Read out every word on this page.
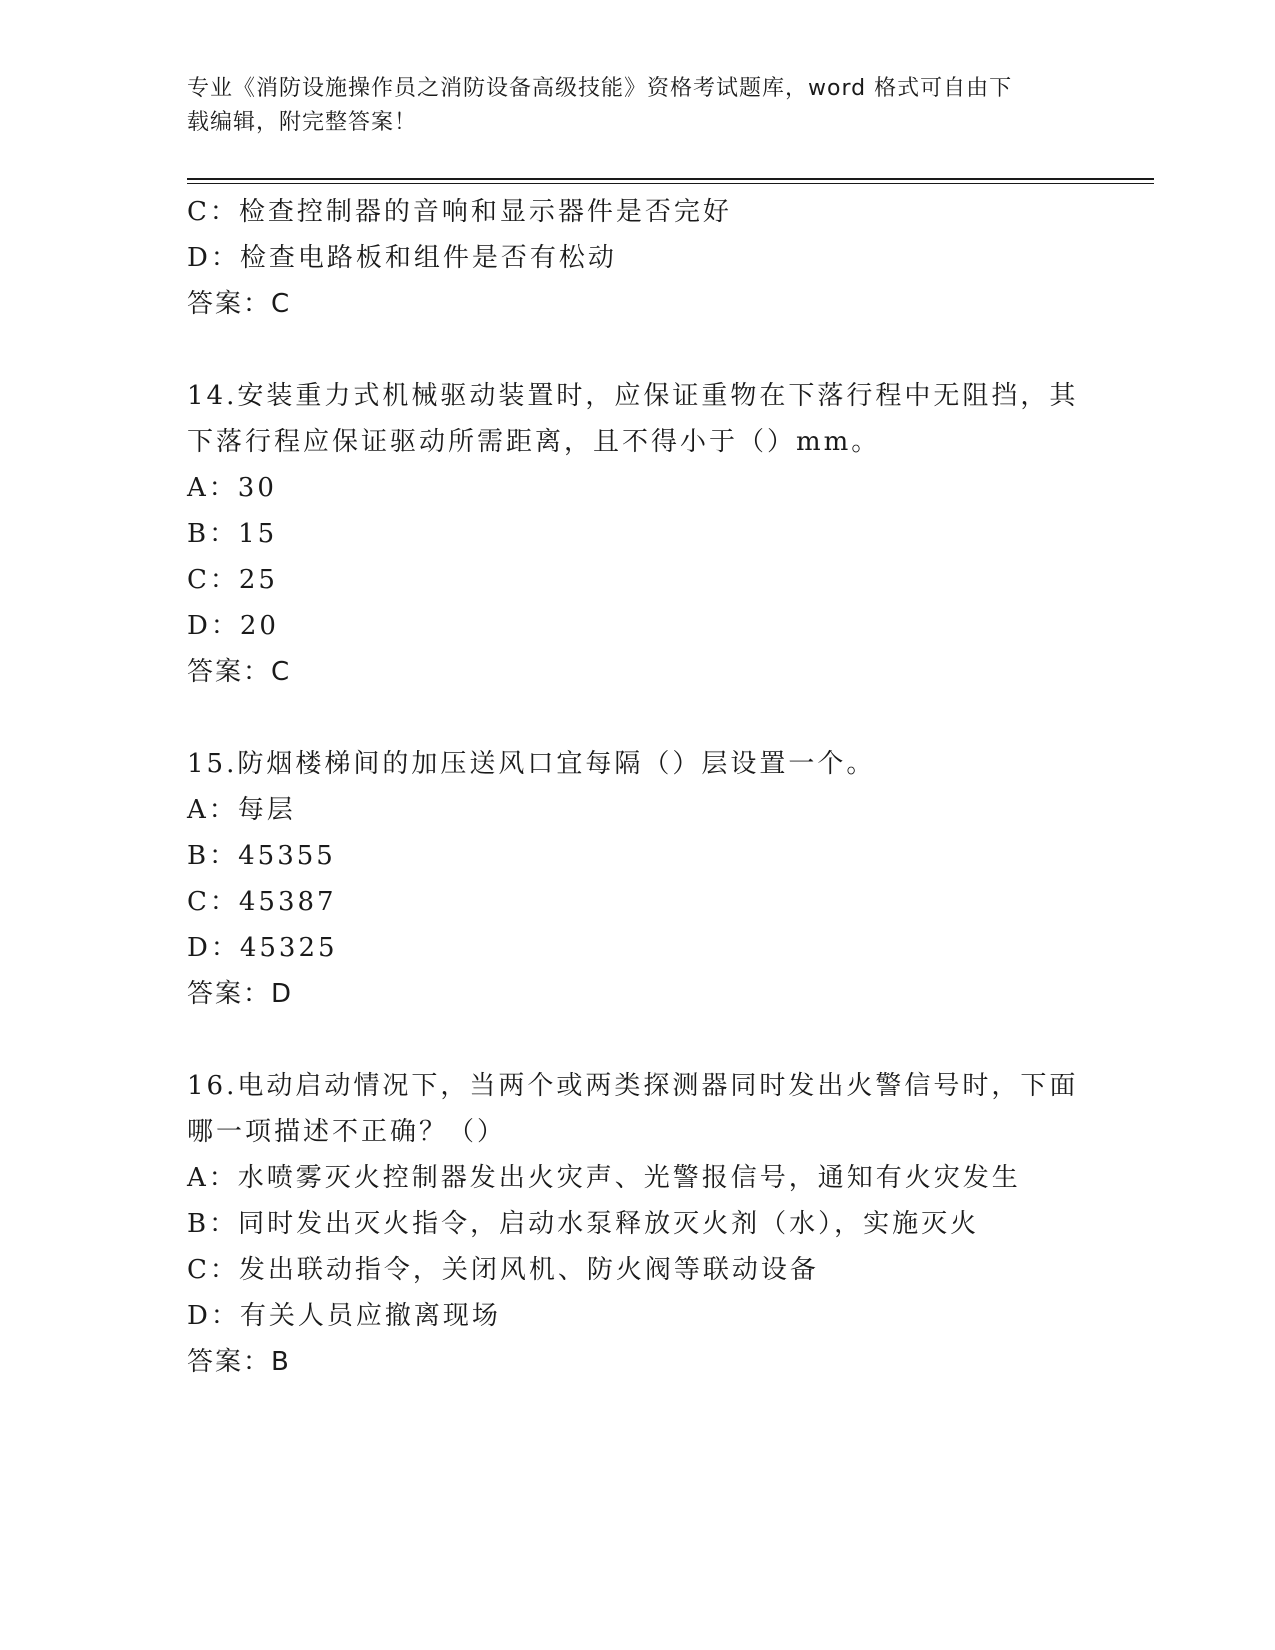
专业《消防设施操作员之消防设备高级技能》资格考试题库，word 格式可自由下
载编辑，附完整答案！
C：检查控制器的音响和显示器件是否完好
D：检查电路板和组件是否有松动
答案：C
14.安装重力式机械驱动装置时，应保证重物在下落行程中无阻挡，其
下落行程应保证驱动所需距离，且不得小于（）mm。
A：30
B：15
C：25
D：20
答案：C
15.防烟楼梯间的加压送风口宜每隔（）层设置一个。
A：每层
B：45355
C：45387
D：45325
答案：D
16.电动启动情况下，当两个或两类探测器同时发出火警信号时，下面
哪一项描述不正确？（）
A：水喷雾灭火控制器发出火灾声、光警报信号，通知有火灾发生
B：同时发出灭火指令，启动水泵释放灭火剂（水），实施灭火
C：发出联动指令，关闭风机、防火阀等联动设备
D：有关人员应撤离现场
答案：B
